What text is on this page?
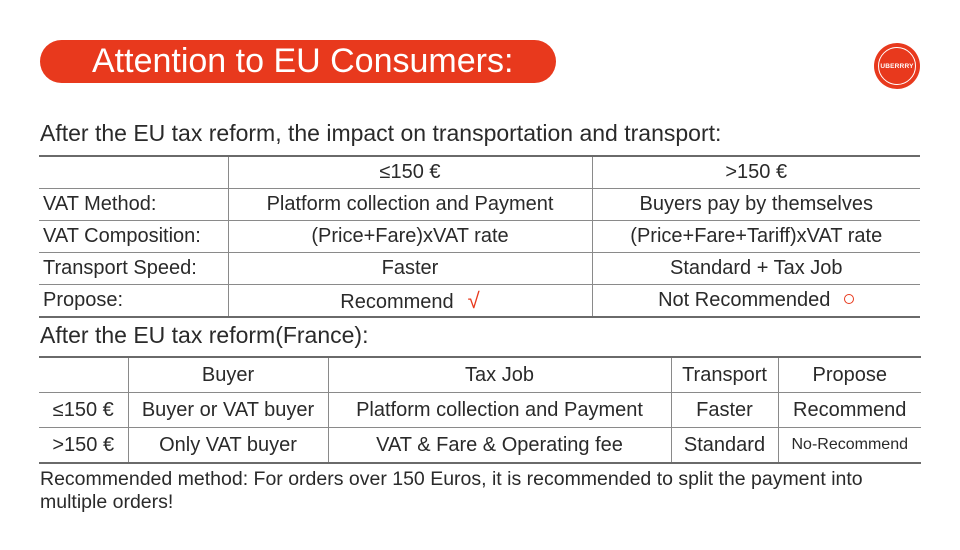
Attention to EU Consumers:	UBERRRY
After the EU tax reform, the impact on transportation and transport:
	≤150 €	>150 €
VAT Method:	Platform collection and Payment	Buyers pay by themselves
VAT Composition:	(Price+Fare)xVAT rate	(Price+Fare+Tariff)xVAT rate
Transport Speed:	Faster	Standard + Tax Job
Propose:	Recommend √	Not Recommended
After the EU tax reform(France):
	Buyer	Tax Job	Transport	Propose
≤150 €	Buyer or VAT buyer	Platform collection and Payment	Faster	Recommend
>150 €	Only VAT buyer	VAT & Fare & Operating fee	Standard	No-Recommend
Recommended method: For orders over 150 Euros, it is recommended to split the payment into multiple orders!
